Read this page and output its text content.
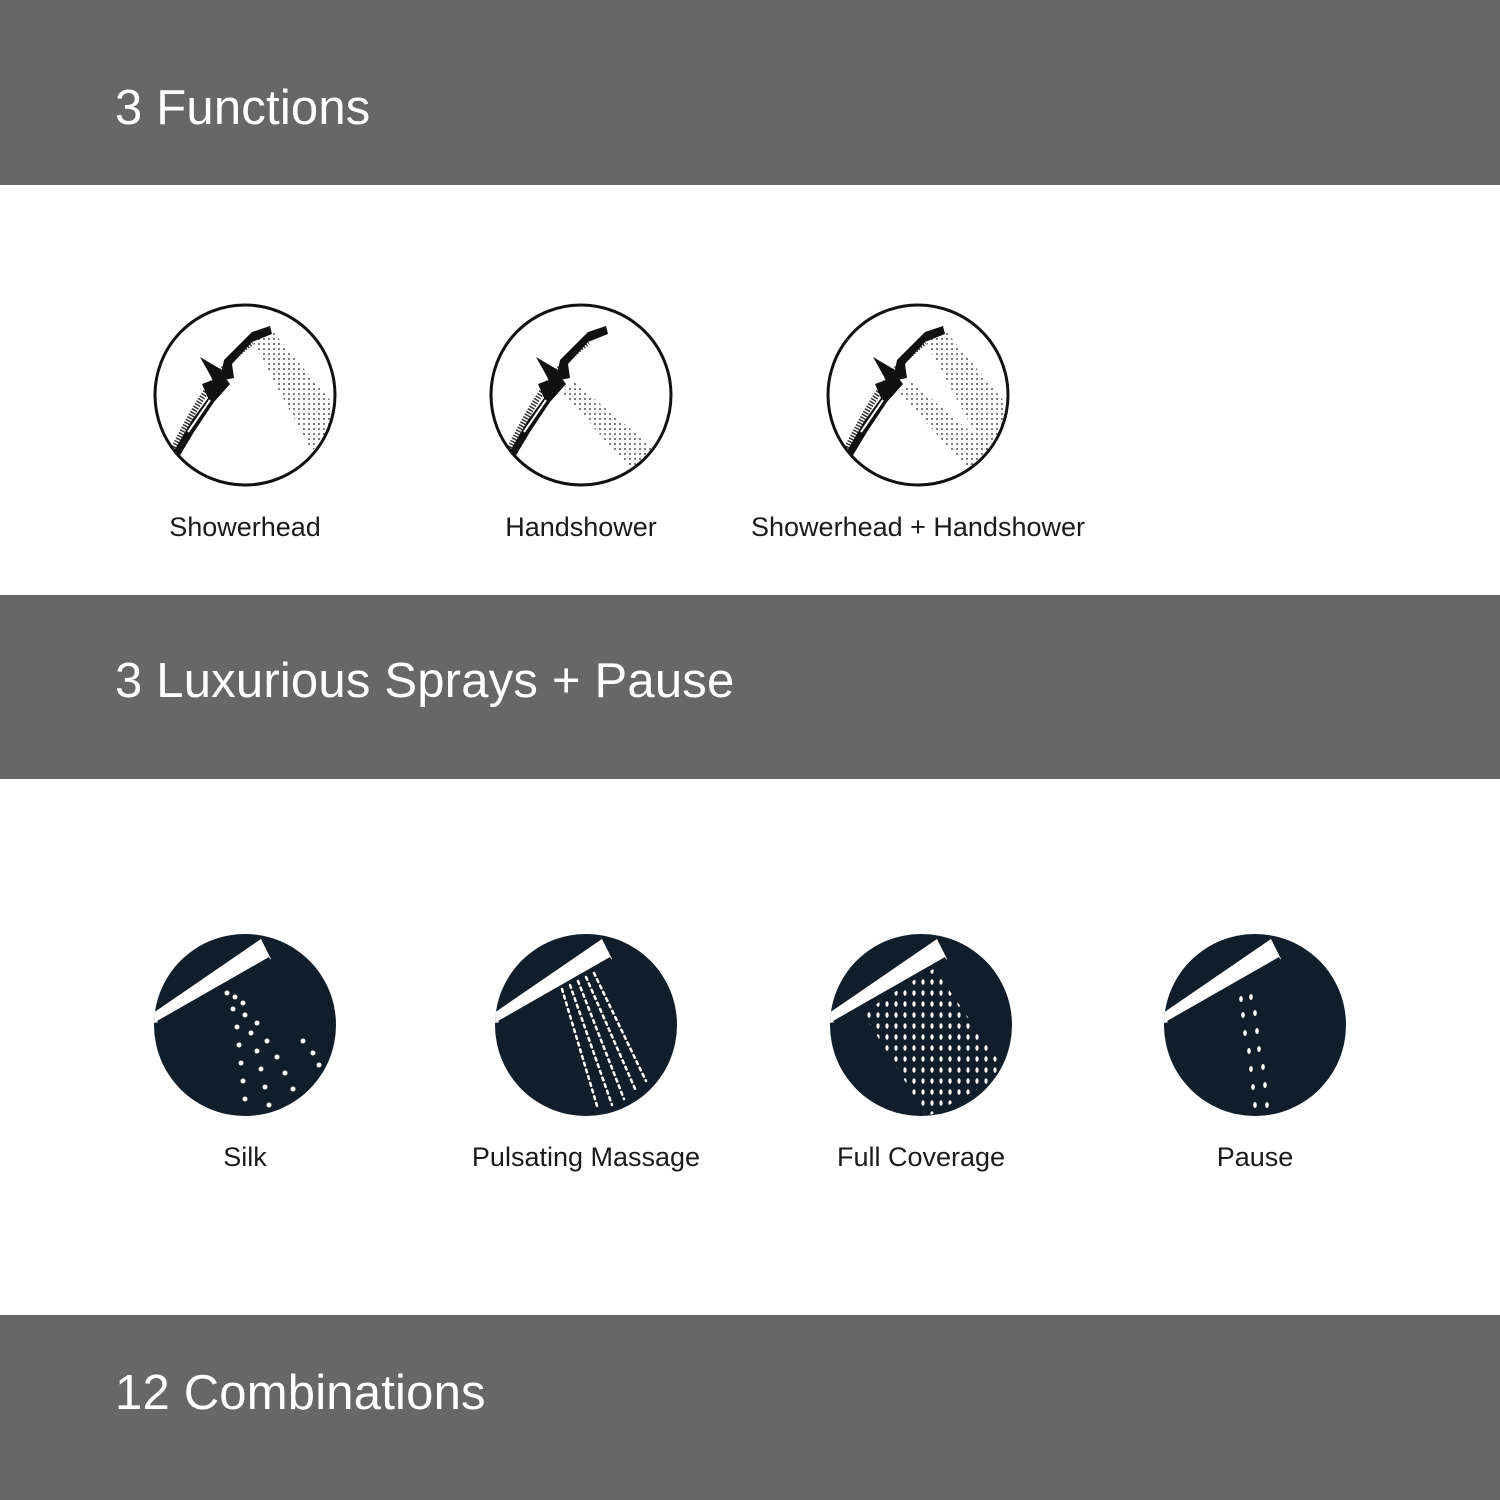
3 Functions
Showerhead	Handshower	Showerhead + Handshower
3 Luxurious Sprays + Pause
Silk	Pulsating Massage	Full Coverage	Pause
12 Combinations
